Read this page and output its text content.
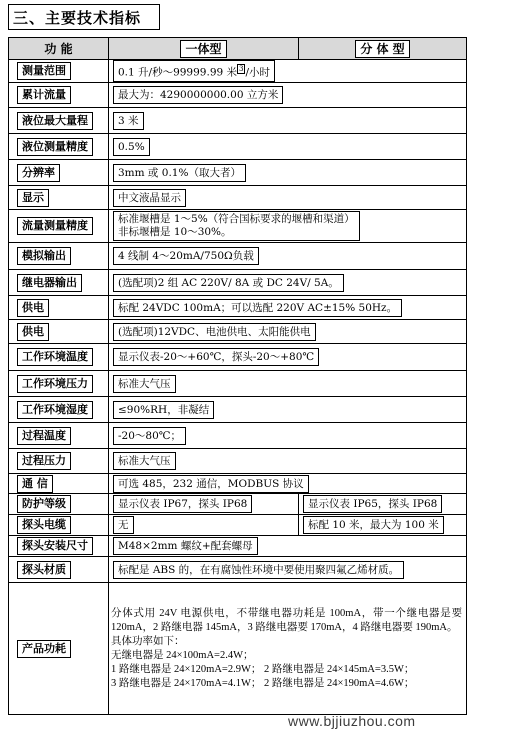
三、主要技术指标
功 能	一体型	分 体 型
测量范围	0.1 升/秒～99999.99 米 $^3$ /小时	
累计流量	最大为：4290000000.00 立方米	
液位最大量程	3 米	
液位测量精度	0.5%	
分辨率	3mm 或 0.1%（取大者）	
显示	中文液晶显示	
流量测量精度	标准堰槽是 1～5%（符合国标要求的堰槽和渠道）
非标堰槽是 10～30%。	
模拟输出	4 线制 4～20mA/750Ω负载	
继电器输出	(选配项)2 组 AC 220V/ 8A 或 DC 24V/ 5A。	
供电	标配 24VDC 100mA；可以选配 220V AC±15% 50Hz。	
供电	(选配项)12VDC、电池供电、太阳能供电	
工作环境温度	显示仪表-20～+60℃，探头-20～+80℃	
工作环境压力	标准大气压	
工作环境湿度	≤90%RH，非凝结	
过程温度	-20～80℃；	
过程压力	标准大气压	
通 信	可选 485，232 通信，MODBUS 协议	
防护等级	显示仪表 IP67，探头 IP68	显示仪表 IP65，探头 IP68
探头电缆	无	标配 10 米，最大为 100 米
探头安装尺寸	M48×2mm 螺纹+配套螺母	
探头材质	标配是 ABS 的，在有腐蚀性环境中要使用聚四氟乙烯材质。	
产品功耗	分体式用 24V 电源供电，不带继电器功耗是 100mA，带一个继电器是要 120mA，2 路继电器 145mA，3 路继电器要 170mA，4 路继电器要 190mA。
具体功率如下：
无继电器是 24×100mA=2.4W；
1 路继电器是 24×120mA=2.9W； 2 路继电器是 24×145mA=3.5W；
3 路继电器是 24×170mA=4.1W； 2 路继电器是 24×190mA=4.6W；	
www.bjjiuzhou.com
